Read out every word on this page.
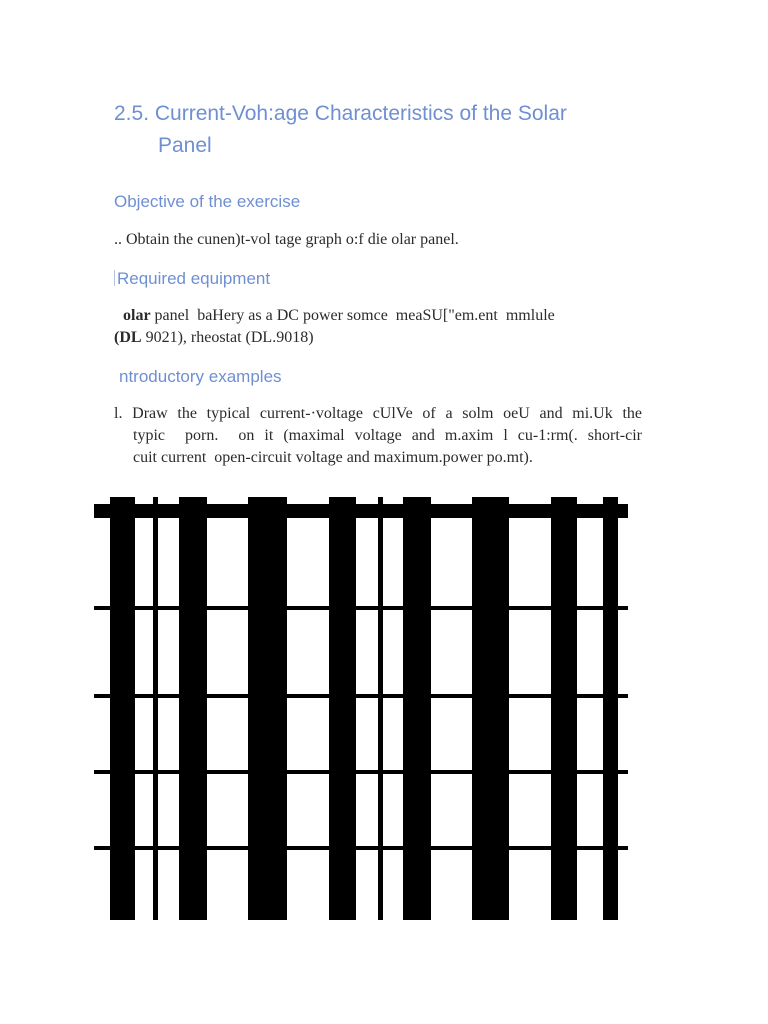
2.5. Current-Voh:age Characteristics of the Solar
Panel
Objective of the exercise
.. Obtain the cunen)t-vol tage graph o:f die olar panel.
Required equipment
olar panel  baHery as a DC power somce  meaSU["em.ent  mmlule
(DL 9021), rheostat (DL.9018)
ntroductory examples
l. Draw the typical current-·voltage cUlVe of a solm oeU and mi.Uk the
typic  porn.  on it (maximal voltage and m.axim l cu-1:rm(. short-cir
cuit current  open-circuit voltage and maximum.power po.mt).
